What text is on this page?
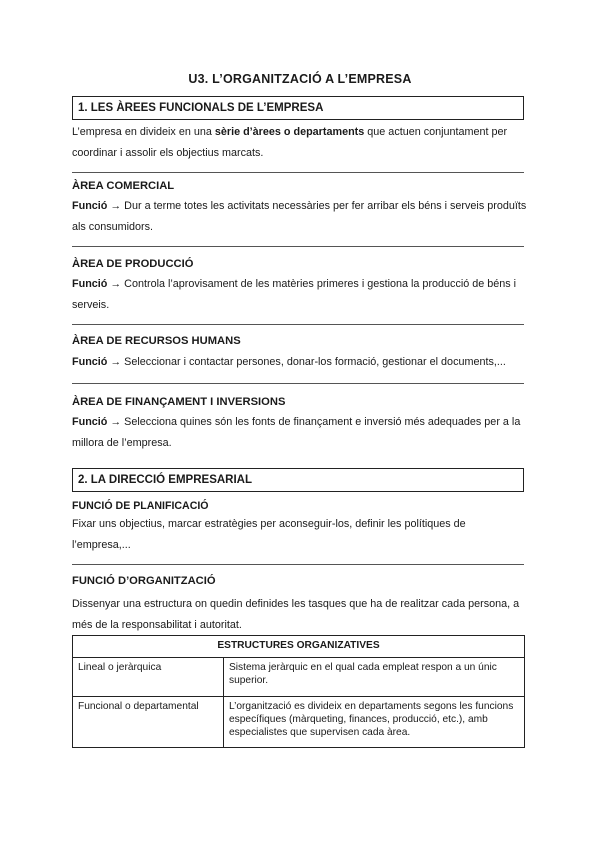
U3. L’ORGANITZACIÓ A L’EMPRESA
1. LES ÀREES FUNCIONALS DE L’EMPRESA
L’empresa en divideix en una sèrie d’àrees o departaments que actuen conjuntament per coordinar i assolir els objectius marcats.
ÀREA COMERCIAL
Funció → Dur a terme totes les activitats necessàries per fer arribar els béns i serveis produïts als consumidors.
ÀREA DE PRODUCCIÓ
Funció → Controla l’aprovisament de les matèries primeres i gestiona la producció de béns i serveis.
ÀREA DE RECURSOS HUMANS
Funció → Seleccionar i contactar persones, donar-los formació, gestionar el documents,...
ÀREA DE FINANÇAMENT I INVERSIONS
Funció → Selecciona quines són les fonts de finançament e inversió més adequades per a la millora de l’empresa.
2. LA DIRECCIÓ EMPRESARIAL
FUNCIÓ DE PLANIFICACIÓ
Fixar uns objectius, marcar estratègies per aconseguir-los, definir les polítiques de l’empresa,...
FUNCIÓ D’ORGANITZACIÓ
Dissenyar una estructura on quedin definides les tasques que ha de realitzar cada persona, a més de la responsabilitat i autoritat.
ESTRUCTURES ORGANIZATIVES	
Lineal o jeràrquica	Sistema jeràrquic en el qual cada empleat respon a un únic superior.
Funcional o departamental	L’organització es divideix en departaments segons les funcions específiques (màrqueting, finances, producció, etc.), amb especialistes que supervisen cada àrea.
